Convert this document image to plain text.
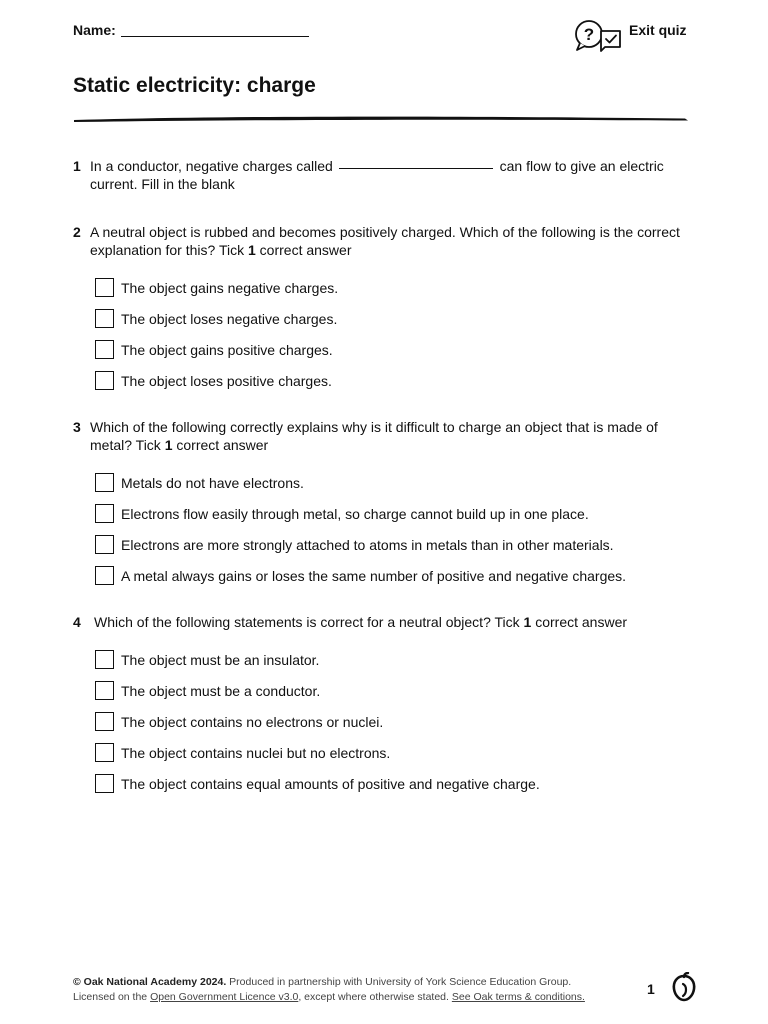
Name:	? Exit quiz
Static electricity: charge
1 In a conductor, negative charges called	can flow to give an electric current. Fill in the blank
2 A neutral object is rubbed and becomes positively charged. Which of the following is the correct explanation for this? Tick 1 correct answer
The object gains negative charges.
The object loses negative charges.
The object gains positive charges.
The object loses positive charges.
3 Which of the following correctly explains why is it difficult to charge an object that is made of metal? Tick 1 correct answer
Metals do not have electrons.
Electrons flow easily through metal, so charge cannot build up in one place.
Electrons are more strongly attached to atoms in metals than in other materials.
A metal always gains or loses the same number of positive and negative charges.
4 Which of the following statements is correct for a neutral object? Tick 1 correct answer
The object must be an insulator.
The object must be a conductor.
The object contains no electrons or nuclei.
The object contains nuclei but no electrons.
The object contains equal amounts of positive and negative charge.
© Oak National Academy 2024. Produced in partnership with University of York Science Education Group.
Licensed on the Open Government Licence v3.0, except where otherwise stated. See Oak terms & conditions.	1
